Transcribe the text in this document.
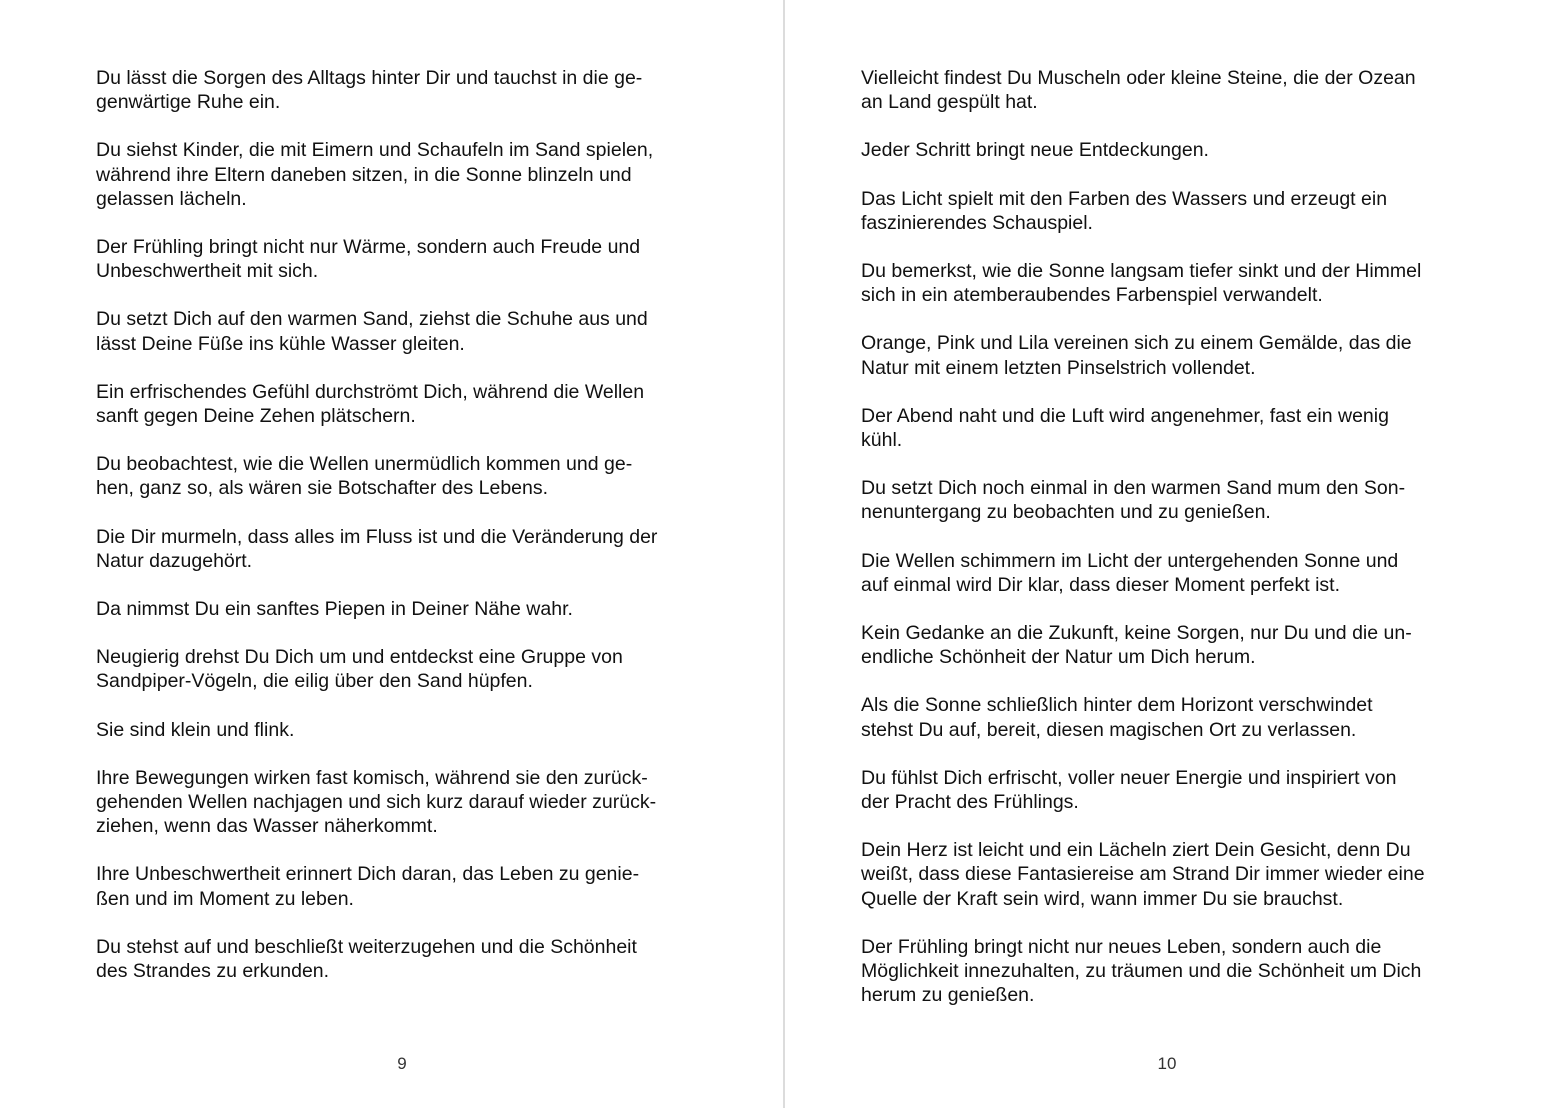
Du lässt die Sorgen des Alltags hinter Dir und tauchst in die ge-
genwärtige Ruhe ein.

Du siehst Kinder, die mit Eimern und Schaufeln im Sand spielen,
während ihre Eltern daneben sitzen, in die Sonne blinzeln und
gelassen lächeln.

Der Frühling bringt nicht nur Wärme, sondern auch Freude und
Unbeschwertheit mit sich.

Du setzt Dich auf den warmen Sand, ziehst die Schuhe aus und
lässt Deine Füße ins kühle Wasser gleiten.

Ein erfrischendes Gefühl durchströmt Dich, während die Wellen
sanft gegen Deine Zehen plätschern.

Du beobachtest, wie die Wellen unermüdlich kommen und ge-
hen, ganz so, als wären sie Botschafter des Lebens.

Die Dir murmeln, dass alles im Fluss ist und die Veränderung der
Natur dazugehört.

Da nimmst Du ein sanftes Piepen in Deiner Nähe wahr.

Neugierig drehst Du Dich um und entdeckst eine Gruppe von
Sandpiper-Vögeln, die eilig über den Sand hüpfen.

Sie sind klein und flink.

Ihre Bewegungen wirken fast komisch, während sie den zurück-
gehenden Wellen nachjagen und sich kurz darauf wieder zurück-
ziehen, wenn das Wasser näherkommt.

Ihre Unbeschwertheit erinnert Dich daran, das Leben zu genie-
ßen und im Moment zu leben.

Du stehst auf und beschließt weiterzugehen und die Schönheit
des Strandes zu erkunden.

9

Vielleicht findest Du Muscheln oder kleine Steine, die der Ozean
an Land gespült hat.

Jeder Schritt bringt neue Entdeckungen.

Das Licht spielt mit den Farben des Wassers und erzeugt ein
faszinierendes Schauspiel.

Du bemerkst, wie die Sonne langsam tiefer sinkt und der Himmel
sich in ein atemberaubendes Farbenspiel verwandelt.

Orange, Pink und Lila vereinen sich zu einem Gemälde, das die
Natur mit einem letzten Pinselstrich vollendet.

Der Abend naht und die Luft wird angenehmer, fast ein wenig
kühl.

Du setzt Dich noch einmal in den warmen Sand mum den Son-
nenuntergang zu beobachten und zu genießen.

Die Wellen schimmern im Licht der untergehenden Sonne und
auf einmal wird Dir klar, dass dieser Moment perfekt ist.

Kein Gedanke an die Zukunft, keine Sorgen, nur Du und die un-
endliche Schönheit der Natur um Dich herum.

Als die Sonne schließlich hinter dem Horizont verschwindet
stehst Du auf, bereit, diesen magischen Ort zu verlassen.

Du fühlst Dich erfrischt, voller neuer Energie und inspiriert von
der Pracht des Frühlings.

Dein Herz ist leicht und ein Lächeln ziert Dein Gesicht, denn Du
weißt, dass diese Fantasiereise am Strand Dir immer wieder eine
Quelle der Kraft sein wird, wann immer Du sie brauchst.

Der Frühling bringt nicht nur neues Leben, sondern auch die
Möglichkeit innezuhalten, zu träumen und die Schönheit um Dich
herum zu genießen.

10
